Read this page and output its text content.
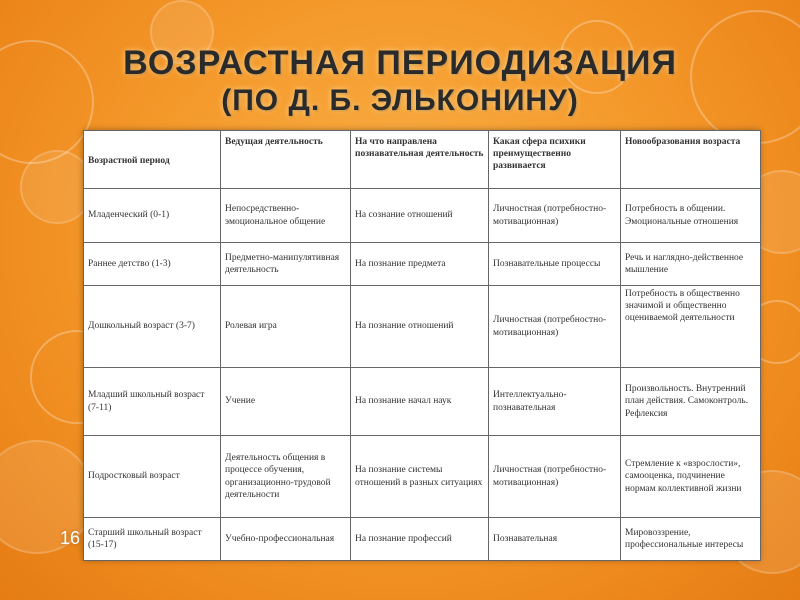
ВОЗРАСТНАЯ ПЕРИОДИЗАЦИЯ
(ПО Д. Б. ЭЛЬКОНИНУ)
16
Возрастной период	Ведущая деятельность	На что направлена познавательная деятельность	Какая сфера психики преимущественно развивается	Новообразования возраста
Младенческий (0-1)	Непосредственно-эмоциональное общение	На сознание отношений	Личностная (потребностно-мотивационная)	Потребность в общении. Эмоциональные отношения
Раннее детство (1-3)	Предметно-манипулятивная деятельность	На познание предмета	Познавательные процессы	Речь и наглядно-действенное мышление
Дошкольный возраст (3-7)	Ролевая игра	На познание отношений	Личностная (потребностно-мотивационная)	Потребность в общественно значимой и общественно оцениваемой деятельности
Младший школьный возраст (7-11)	Учение	На познание начал наук	Интеллектуально-познавательная	Произвольность. Внутренний план действия. Самоконтроль. Рефлексия
Подростковый возраст	Деятельность общения в процессе обучения, организационно-трудовой деятельности	На познание системы отношений в разных ситуациях	Личностная (потребностно-мотивационная)	Стремление к «взрослости», самооценка, подчинение нормам коллективной жизни
Старший школьный возраст (15-17)	Учебно-профессиональная	На познание профессий	Познавательная	Мировоззрение, профессиональные интересы
